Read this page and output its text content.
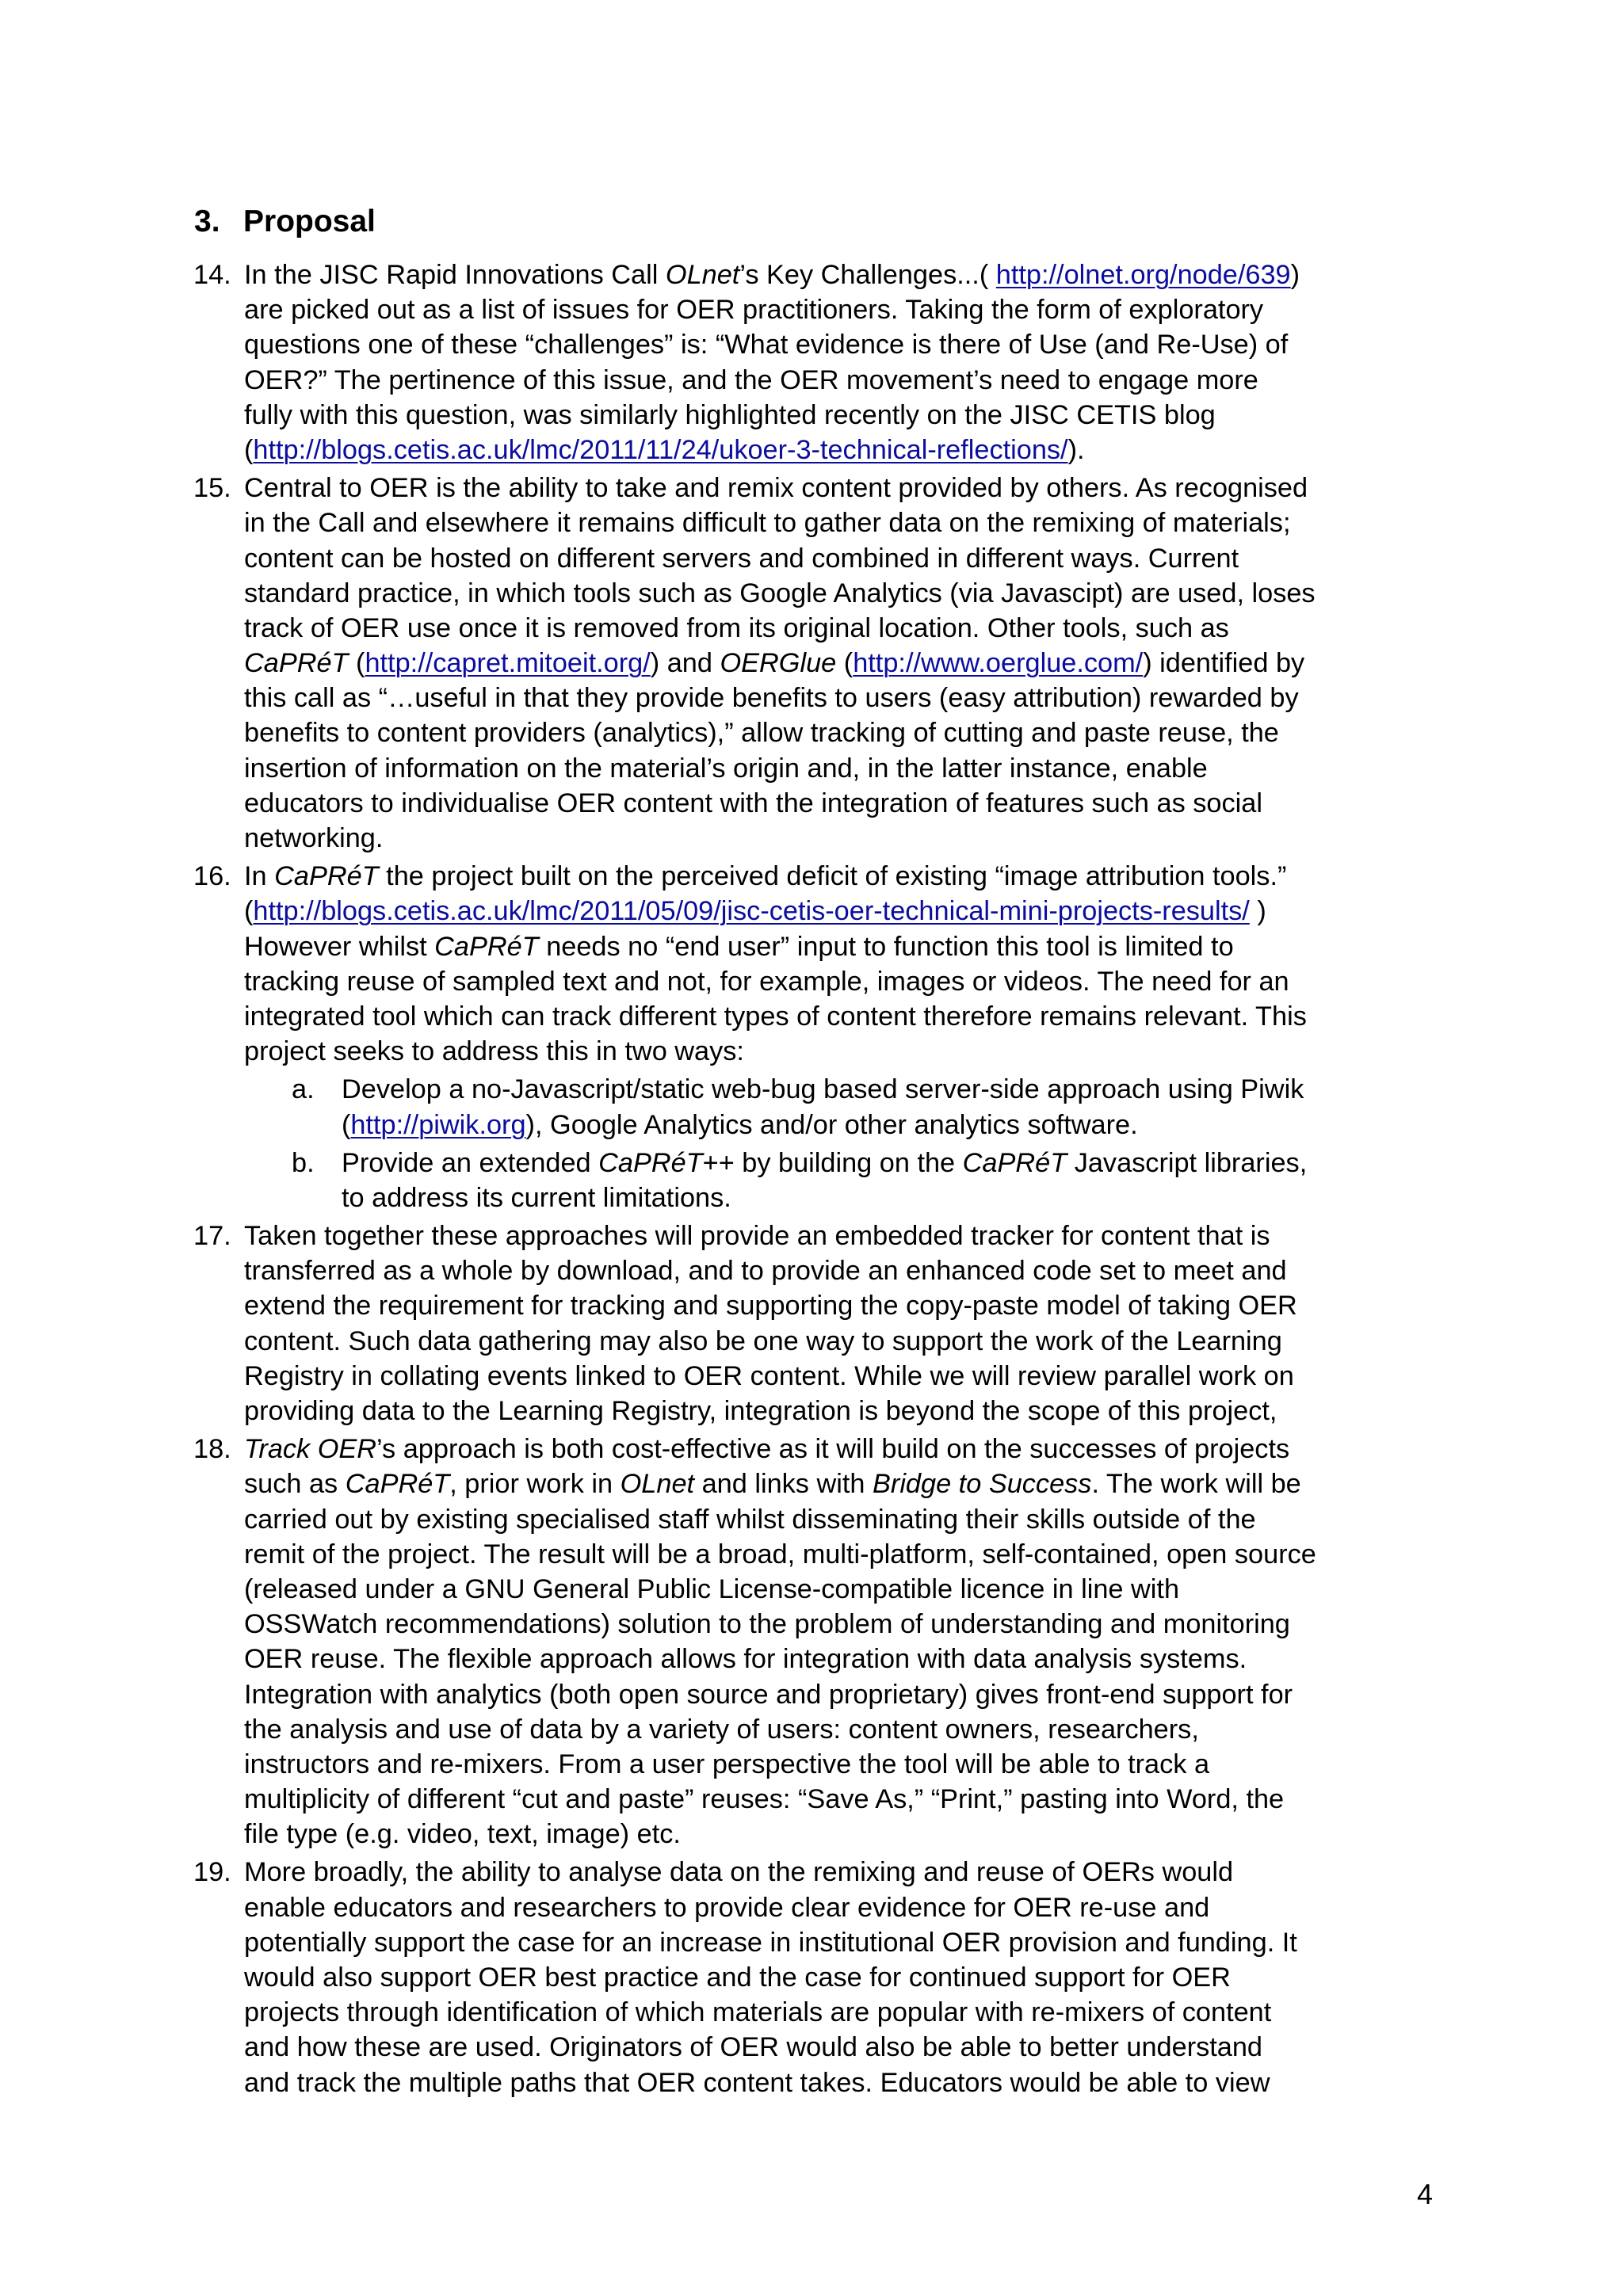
3. Proposal
14. In the JISC Rapid Innovations Call OLnet’s Key Challenges...( http://olnet.org/node/639)
are picked out as a list of issues for OER practitioners. Taking the form of exploratory
questions one of these “challenges” is: “What evidence is there of Use (and Re-Use) of
OER?” The pertinence of this issue, and the OER movement’s need to engage more
fully with this question, was similarly highlighted recently on the JISC CETIS blog
(http://blogs.cetis.ac.uk/lmc/2011/11/24/ukoer-3-technical-reflections/).
15. Central to OER is the ability to take and remix content provided by others. As recognised
in the Call and elsewhere it remains difficult to gather data on the remixing of materials;
content can be hosted on different servers and combined in different ways. Current
standard practice, in which tools such as Google Analytics (via Javascipt) are used, loses
track of OER use once it is removed from its original location. Other tools, such as
CaPRéT (http://capret.mitoeit.org/) and OERGlue (http://www.oerglue.com/) identified by
this call as “…useful in that they provide benefits to users (easy attribution) rewarded by
benefits to content providers (analytics),” allow tracking of cutting and paste reuse, the
insertion of information on the material’s origin and, in the latter instance, enable
educators to individualise OER content with the integration of features such as social
networking.
16. In CaPRéT the project built on the perceived deficit of existing “image attribution tools.”
(http://blogs.cetis.ac.uk/lmc/2011/05/09/jisc-cetis-oer-technical-mini-projects-results/ )
However whilst CaPRéT needs no “end user” input to function this tool is limited to
tracking reuse of sampled text and not, for example, images or videos. The need for an
integrated tool which can track different types of content therefore remains relevant. This
project seeks to address this in two ways:
a. Develop a no-Javascript/static web-bug based server-side approach using Piwik
(http://piwik.org), Google Analytics and/or other analytics software.
b. Provide an extended CaPRéT++ by building on the CaPRéT Javascript libraries,
to address its current limitations.
17. Taken together these approaches will provide an embedded tracker for content that is
transferred as a whole by download, and to provide an enhanced code set to meet and
extend the requirement for tracking and supporting the copy-paste model of taking OER
content. Such data gathering may also be one way to support the work of the Learning
Registry in collating events linked to OER content. While we will review parallel work on
providing data to the Learning Registry, integration is beyond the scope of this project,
18. Track OER’s approach is both cost-effective as it will build on the successes of projects
such as CaPRéT, prior work in OLnet and links with Bridge to Success. The work will be
carried out by existing specialised staff whilst disseminating their skills outside of the
remit of the project. The result will be a broad, multi-platform, self-contained, open source
(released under a GNU General Public License-compatible licence in line with
OSSWatch recommendations) solution to the problem of understanding and monitoring
OER reuse. The flexible approach allows for integration with data analysis systems.
Integration with analytics (both open source and proprietary) gives front-end support for
the analysis and use of data by a variety of users: content owners, researchers,
instructors and re-mixers. From a user perspective the tool will be able to track a
multiplicity of different “cut and paste” reuses: “Save As,” “Print,” pasting into Word, the
file type (e.g. video, text, image) etc.
19. More broadly, the ability to analyse data on the remixing and reuse of OERs would
enable educators and researchers to provide clear evidence for OER re-use and
potentially support the case for an increase in institutional OER provision and funding. It
would also support OER best practice and the case for continued support for OER
projects through identification of which materials are popular with re-mixers of content
and how these are used. Originators of OER would also be able to better understand
and track the multiple paths that OER content takes. Educators would be able to view
4
